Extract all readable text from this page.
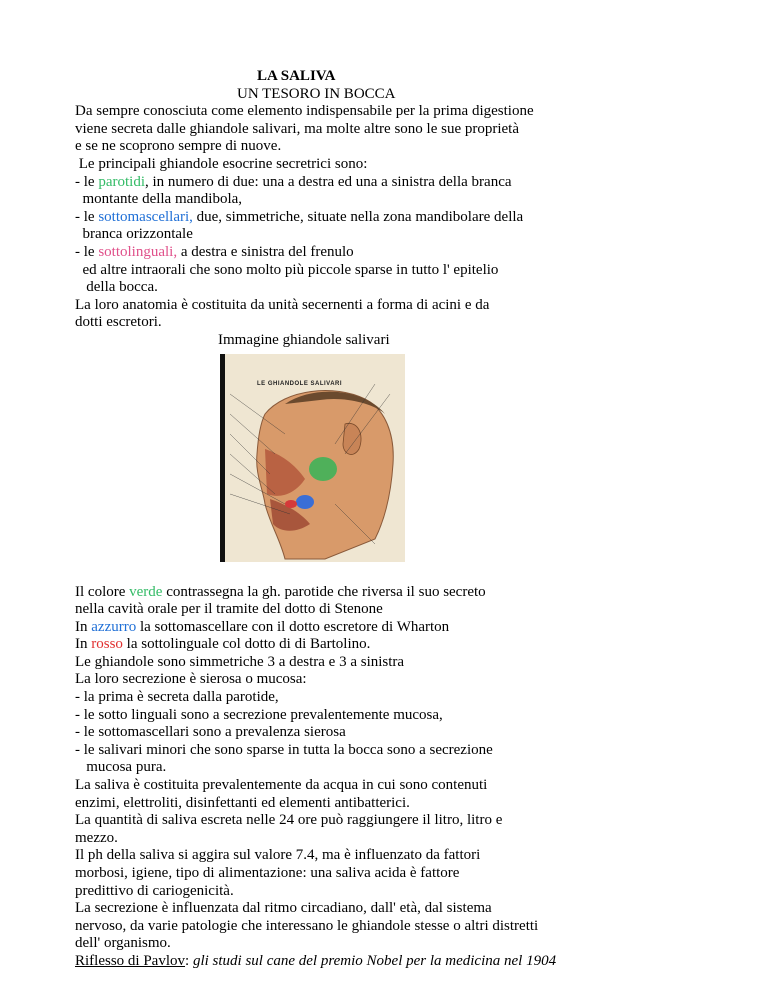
LA SALIVA
UN TESORO IN BOCCA
Da sempre conosciuta come elemento indispensabile per la prima digestione
viene secreta dalle ghiandole salivari, ma molte altre sono le sue proprietà
e se ne scoprono sempre di nuove.
Le principali ghiandole esocrine secretrici sono:
- le parotidi, in numero di due: una a destra ed una a sinistra della branca
montante della mandibola,
- le sottomascellari, due, simmetriche, situate nella zona mandibolare della
branca orizzontale
- le sottolinguali, a destra e sinistra del frenulo
ed altre intraorali che sono molto più piccole sparse in tutto l' epitelio
della bocca.
La loro anatomia è costituita da unità secernenti a forma di acini e da
dotti escretori.
Immagine ghiandole salivari
LE GHIANDOLE SALIVARI
Il colore verde contrassegna la gh. parotide che riversa il suo secreto
nella cavità orale per il tramite del dotto di Stenone
In azzurro la sottomascellare con il dotto escretore di Wharton
In rosso la sottolinguale col dotto di di Bartolino.
Le ghiandole sono simmetriche 3 a destra e 3 a sinistra
La loro secrezione è sierosa o mucosa:
- la prima è secreta dalla parotide,
- le sotto linguali sono a secrezione prevalentemente mucosa,
- le sottomascellari sono a prevalenza sierosa
- le salivari minori che sono sparse in tutta la bocca sono a secrezione
mucosa pura.
La saliva è costituita prevalentemente da acqua in cui sono contenuti
enzimi, elettroliti, disinfettanti ed elementi antibatterici.
La quantità di saliva escreta nelle 24 ore può raggiungere il litro, litro e
mezzo.
Il ph della saliva si aggira sul valore 7.4, ma è influenzato da fattori
morbosi, igiene, tipo di alimentazione: una saliva acida è fattore
predittivo di cariogenicità.
La secrezione è influenzata dal ritmo circadiano, dall' età, dal sistema
nervoso, da varie patologie che interessano le ghiandole stesse o altri distretti
dell' organismo.
Riflesso di Pavlov: gli studi sul cane del premio Nobel per la medicina nel 1904
